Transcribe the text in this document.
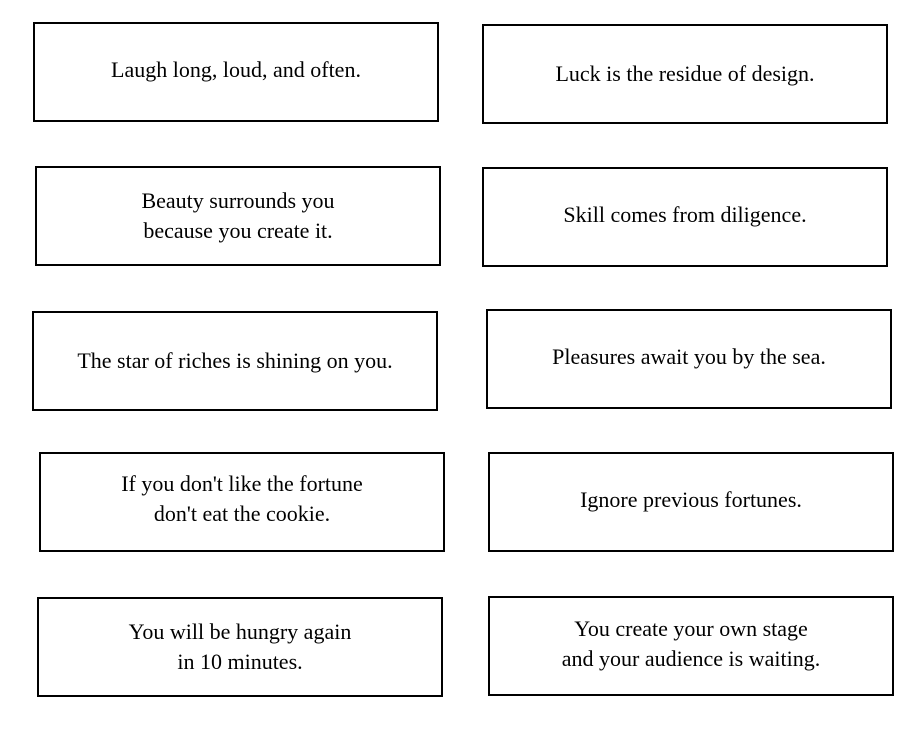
Laugh long, loud, and often.	Luck is the residue of design.
Beauty surrounds you
because you create it.
Skill comes from diligence.
The star of riches is shining on you.	Pleasures await you by the sea.
If you don't like the fortune
don't eat the cookie.
Ignore previous fortunes.
You will be hungry again
in 10 minutes.
You create your own stage
and your audience is waiting.
